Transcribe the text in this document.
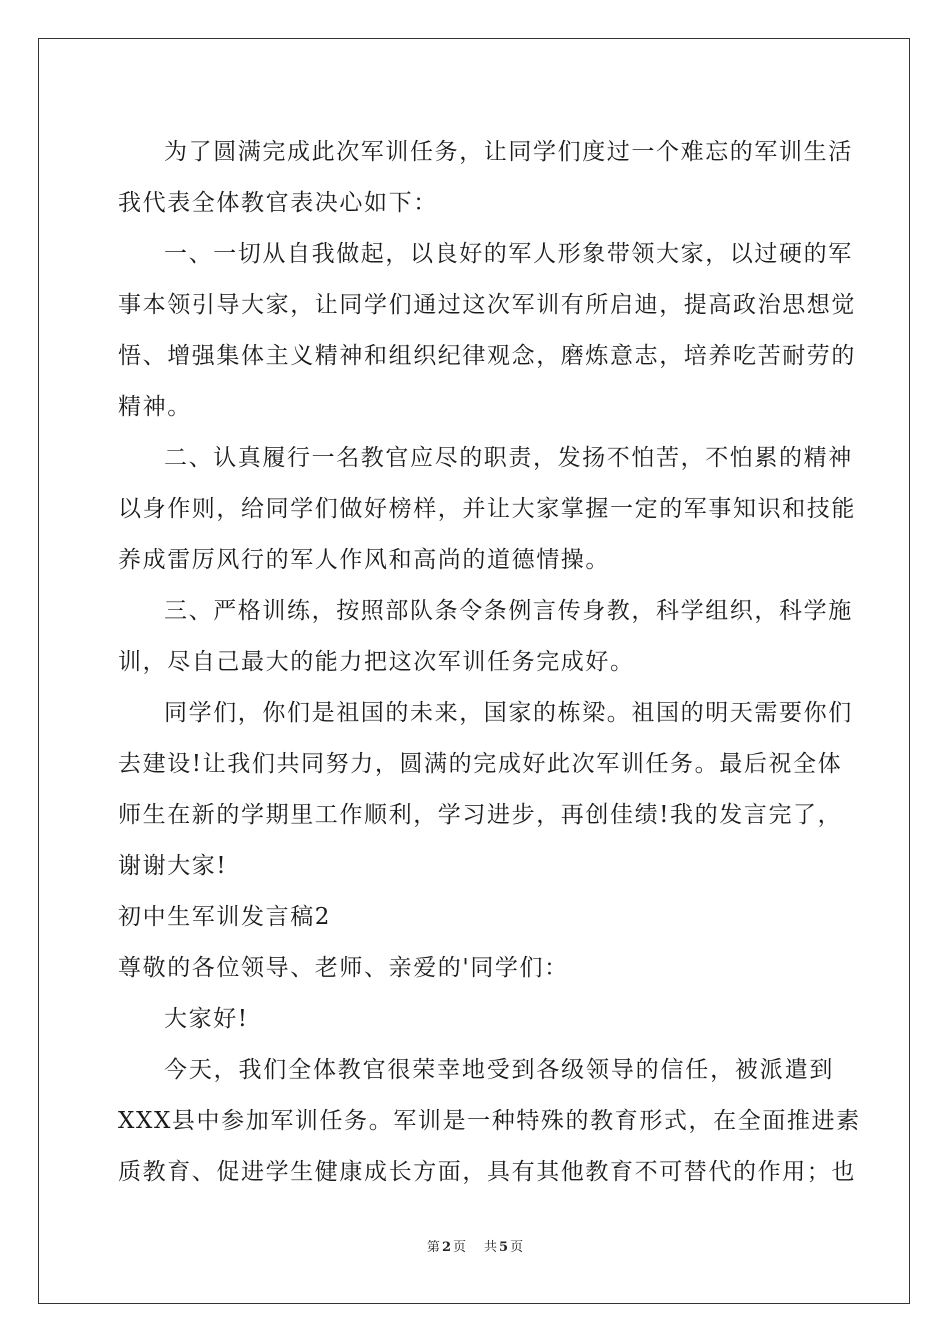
为了圆满完成此次军训任务，让同学们度过一个难忘的军训生活
我代表全体教官表决心如下：
一、一切从自我做起，以良好的军人形象带领大家，以过硬的军
事本领引导大家，让同学们通过这次军训有所启迪，提高政治思想觉
悟、增强集体主义精神和组织纪律观念，磨炼意志，培养吃苦耐劳的
精神。
二、认真履行一名教官应尽的职责，发扬不怕苦，不怕累的精神
以身作则，给同学们做好榜样，并让大家掌握一定的军事知识和技能
养成雷厉风行的军人作风和高尚的道德情操。
三、严格训练，按照部队条令条例言传身教，科学组织，科学施
训，尽自己最大的能力把这次军训任务完成好。
同学们，你们是祖国的未来，国家的栋梁。祖国的明天需要你们
去建设!让我们共同努力，圆满的完成好此次军训任务。最后祝全体
师生在新的学期里工作顺利，学习进步，再创佳绩!我的发言完了，
谢谢大家!
初中生军训发言稿2
尊敬的各位领导、老师、亲爱的'同学们：
大家好!
今天，我们全体教官很荣幸地受到各级领导的信任，被派遣到
XXX县中参加军训任务。军训是一种特殊的教育形式，在全面推进素
质教育、促进学生健康成长方面，具有其他教育不可替代的作用；也
第 2 页 共 5 页
